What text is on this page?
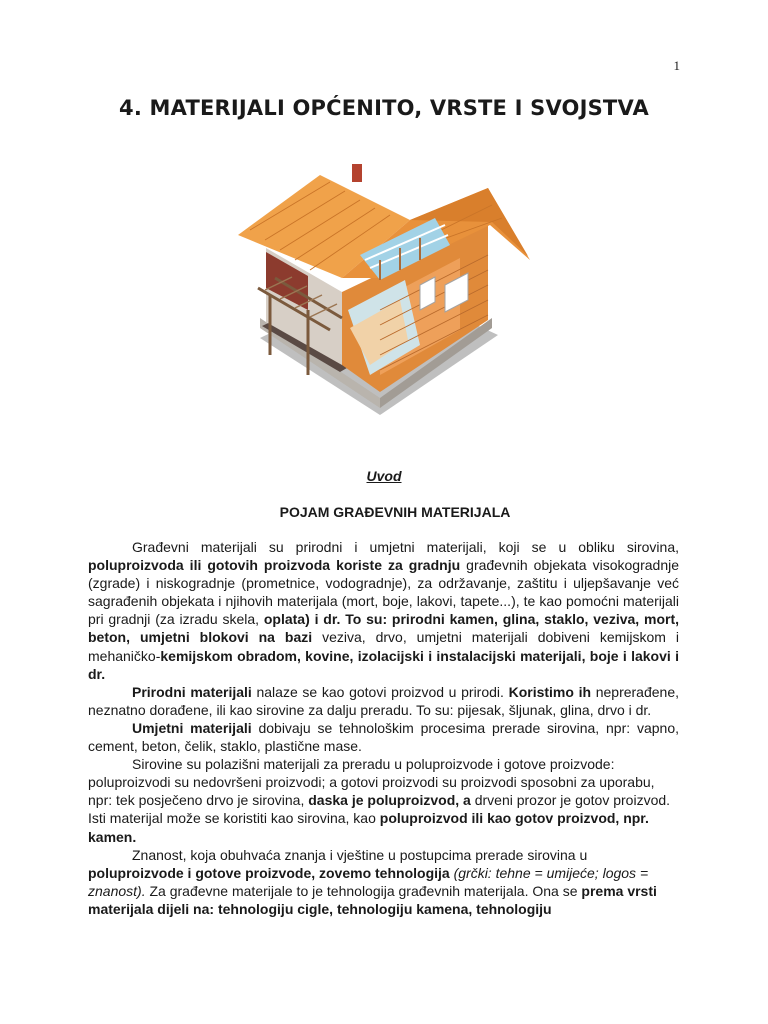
1
4. MATERIJALI OPĆENITO, VRSTE I SVOJSTVA
Uvod
POJAM GRAĐEVNIH MATERIJALA

Građevni materijali su prirodni i umjetni materijali, koji se u obliku sirovina, poluproizvoda ili gotovih proizvoda koriste za gradnju građevnih objekata visokogradnje (zgrade) i niskogradnje (prometnice, vodogradnje), za održavanje, zaštitu i uljepšavanje već sagrađenih objekata i njihovih materijala (mort, boje, lakovi, tapete...), te kao pomoćni materijali pri gradnji (za izradu skela, oplata) i dr. To su: prirodni kamen, glina, staklo, veziva, mort, beton, umjetni blokovi na bazi veziva, drvo, umjetni materijali dobiveni kemijskom i mehaničko-kemijskom obradom, kovine, izolacijski i instalacijski materijali, boje i lakovi i dr.

Prirodni materijali nalaze se kao gotovi proizvod u prirodi. Koristimo ih neprerađene, neznatno dorađene, ili kao sirovine za dalju preradu. To su: pijesak, šljunak, glina, drvo i dr.

Umjetni materijali dobivaju se tehnološkim procesima prerade sirovina, npr: vapno, cement, beton, čelik, staklo, plastične mase.

Sirovine su polazišni materijali za preradu u poluproizvode i gotove proizvode: poluproizvodi su nedovršeni proizvodi; a gotovi proizvodi su proizvodi sposobni za uporabu, npr: tek posječeno drvo je sirovina, daska je poluproizvod, a drveni prozor je gotov proizvod. Isti materijal može se koristiti kao sirovina, kao poluproizvod ili kao gotov proizvod, npr. kamen.

Znanost, koja obuhvaća znanja i vještine u postupcima prerade sirovina u poluproizvode i gotove proizvode, zovemo tehnologija (grčki: tehne = umijeće; logos = znanost). Za građevne materijale to je tehnologija građevnih materijala. Ona se prema vrsti materijala dijeli na: tehnologiju cigle, tehnologiju kamena, tehnologiju
